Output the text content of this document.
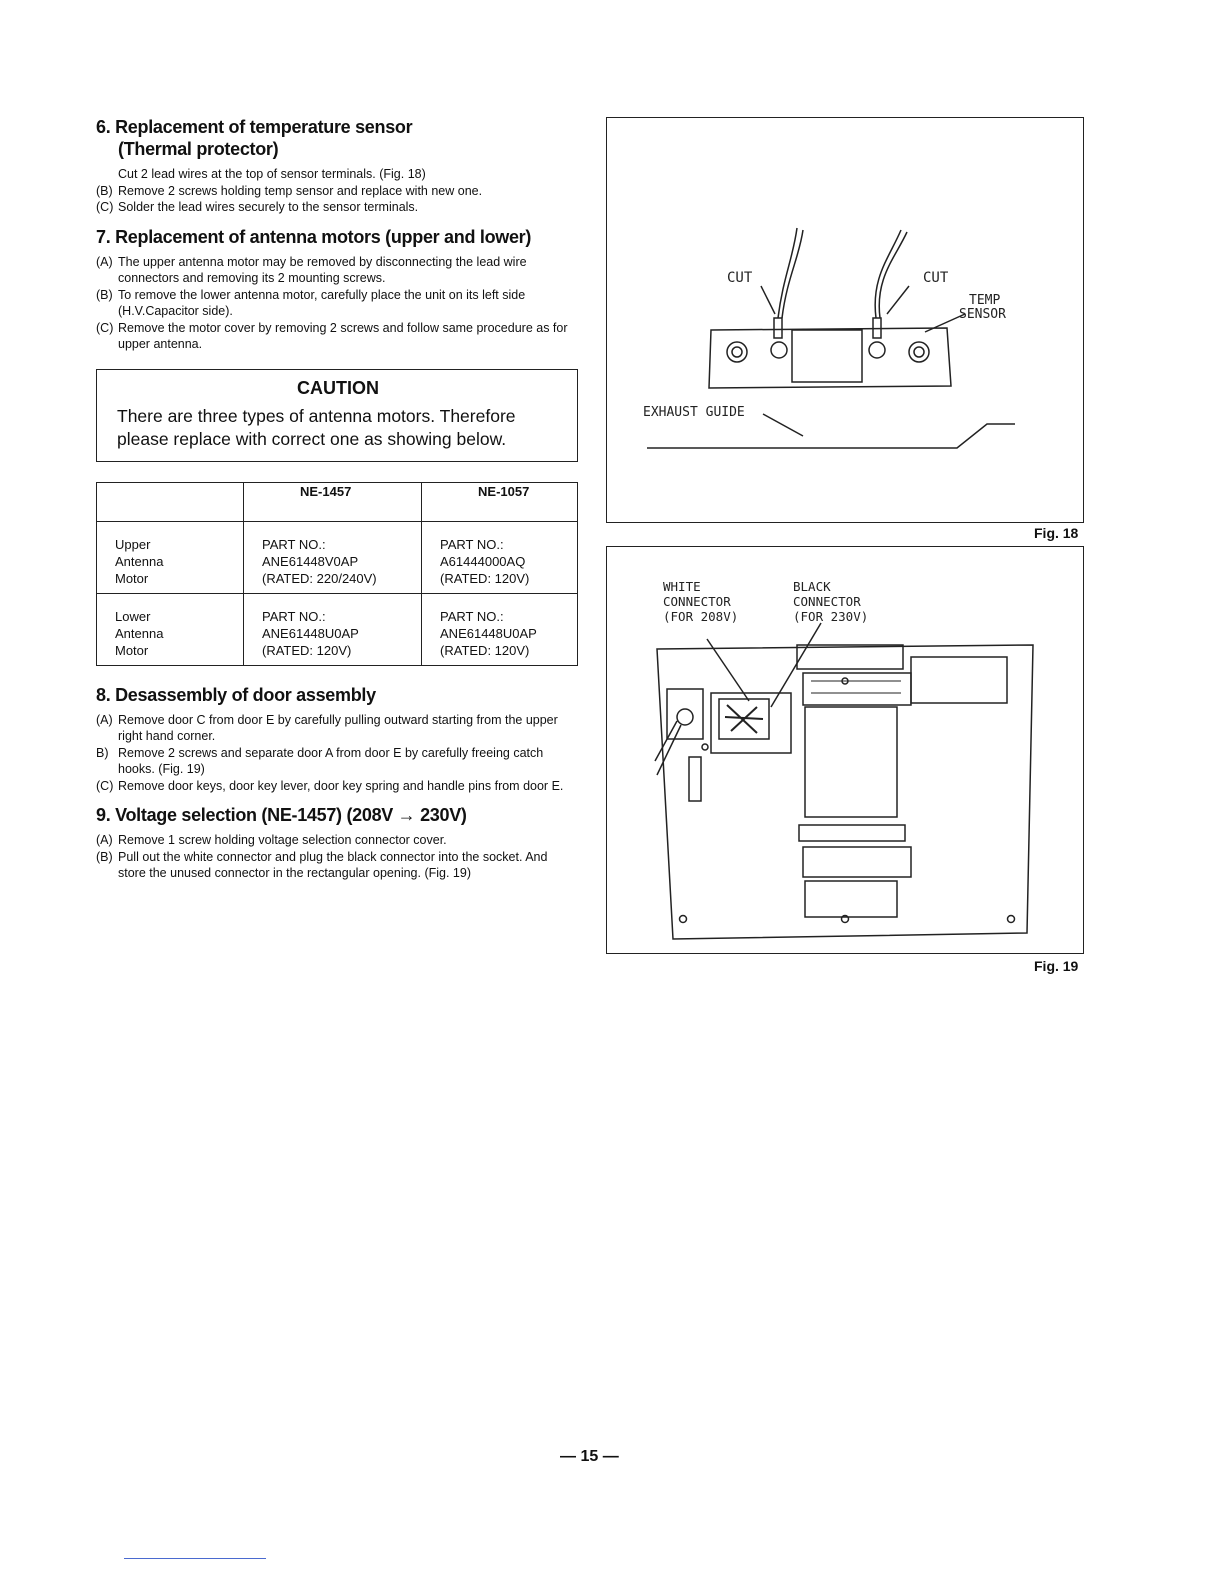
6. Replacement of temperature sensor
(Thermal protector)
Cut 2 lead wires at the top of sensor terminals. (Fig. 18)
(B) Remove 2 screws holding temp sensor and replace with new one.
(C) Solder the lead wires securely to the sensor terminals.
7. Replacement of antenna motors (upper and lower)
(A) The upper antenna motor may be removed by disconnecting the lead wire connectors and removing its 2 mounting screws.
(B) To remove the lower antenna motor, carefully place the unit on its left side (H.V.Capacitor side).
(C) Remove the motor cover by removing 2 screws and follow same procedure as for upper antenna.
CAUTION
There are three types of antenna motors. Therefore please replace with correct one as showing below.
	NE-1457	NE-1057

Upper
Antenna
Motor	PART NO.:
ANE61448V0AP
(RATED: 220/240V)	PART NO.:
A61444000AQ
(RATED: 120V)

Lower
Antenna
Motor	PART NO.:
ANE61448U0AP
(RATED: 120V)	PART NO.:
ANE61448U0AP
(RATED: 120V)
8. Desassembly of door assembly
(A) Remove door C from door E by carefully pulling outward starting from the upper right hand corner.
B) Remove 2 screws and separate door A from door E by carefully freeing catch hooks. (Fig. 19)
(C) Remove door keys, door key lever, door key spring and handle pins from door E.
9. Voltage selection (NE-1457) (208V → 230V)
(A) Remove 1 screw holding voltage selection connector cover.
(B) Pull out the white connector and plug the black connector into the socket. And store the unused connector in the rectangular opening. (Fig. 19)
CUT	CUT
TEMP
SENSOR
EXHAUST GUIDE
Fig. 18
WHITE
CONNECTOR
(FOR 208V)
BLACK
CONNECTOR
(FOR 230V)
Fig. 19
— 15 —
